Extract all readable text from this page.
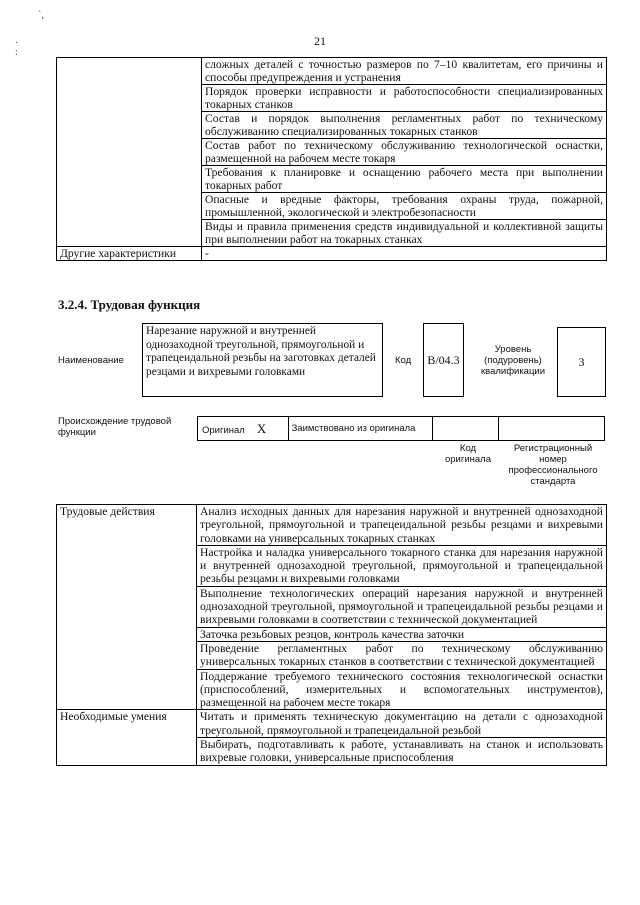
ˋ,
·
:
21
	сложных деталей с точностью размеров по 7–10 квалитетам, его причины и способы предупреждения и устранения
	Порядок проверки исправности и работоспособности специализированных токарных станков
	Состав и порядок выполнения регламентных работ по техническому обслуживанию специализированных токарных станков
	Состав работ по техническому обслуживанию технологической оснастки, размещенной на рабочем месте токаря
	Требования к планировке и оснащению рабочего места при выполнении токарных работ
	Опасные и вредные факторы, требования охраны труда, пожарной, промышленной, экологической и электробезопасности
	Виды и правила применения средств индивидуальной и коллективной защиты при выполнении работ на токарных станках
Другие характеристики	-
3.2.4. Трудовая функция
Наименование
Нарезание наружной и внутренней однозаходной треугольной, прямоугольной и трапецеидальной резьбы на заготовках деталей резцами и вихревыми головками
Код	B/04.3
Уровень (подуровень) квалификации
3
Происхождение трудовой функции	Оригинал X	Заимствовано из оригинала		
Код оригинала
Регистрационный номер профессионального стандарта
Трудовые действия	Анализ исходных данных для нарезания наружной и внутренней однозаходной треугольной, прямоугольной и трапецеидальной резьбы резцами и вихревыми головками на универсальных токарных станках
	Настройка и наладка универсального токарного станка для нарезания наружной и внутренней однозаходной треугольной, прямоугольной и трапецеидальной резьбы резцами и вихревыми головками
	Выполнение технологических операций нарезания наружной и внутренней однозаходной треугольной, прямоугольной и трапецеидальной резьбы резцами и вихревыми головками в соответствии с технической документацией
	Заточка резьбовых резцов, контроль качества заточки
	Проведение регламентных работ по техническому обслуживанию универсальных токарных станков в соответствии с технической документацией
	Поддержание требуемого технического состояния технологической оснастки (приспособлений, измерительных и вспомогательных инструментов), размещенной на рабочем месте токаря
Необходимые умения	Читать и применять техническую документацию на детали с однозаходной треугольной, прямоугольной и трапецеидальной резьбой
	Выбирать, подготавливать к работе, устанавливать на станок и использовать вихревые головки, универсальные приспособления
